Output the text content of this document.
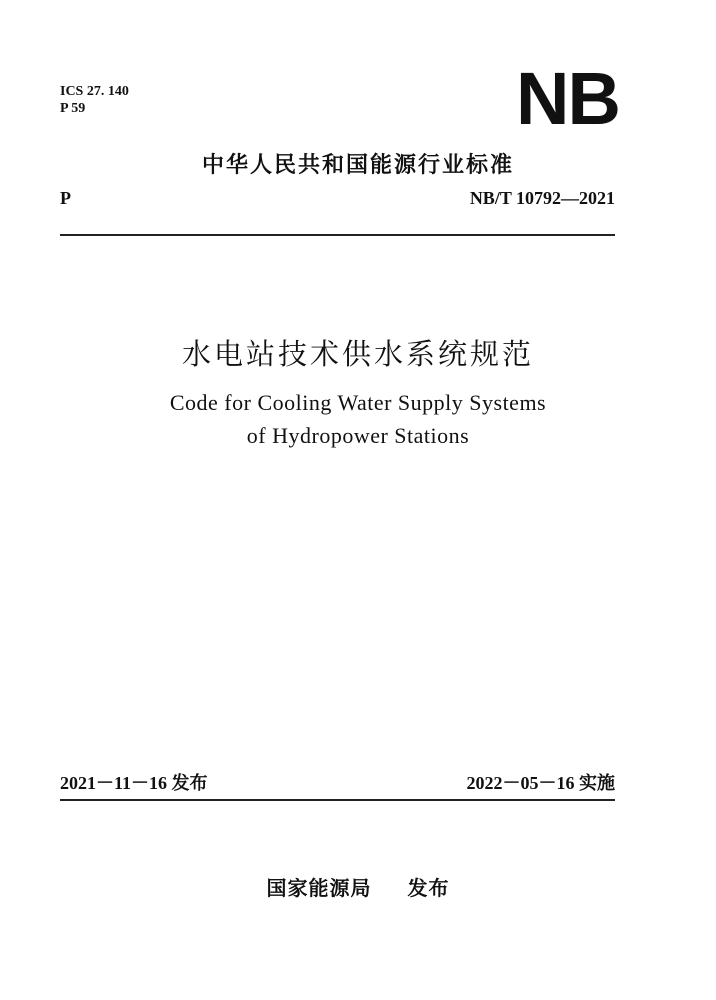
ICS 27. 140
P 59	NB
中华人民共和国能源行业标准
P	NB/T 10792—2021
水电站技术供水系统规范
Code for Cooling Water Supply Systems
of Hydropower Stations
2021－11－16 发布	2022－05－16 实施
国家能源局 发布
